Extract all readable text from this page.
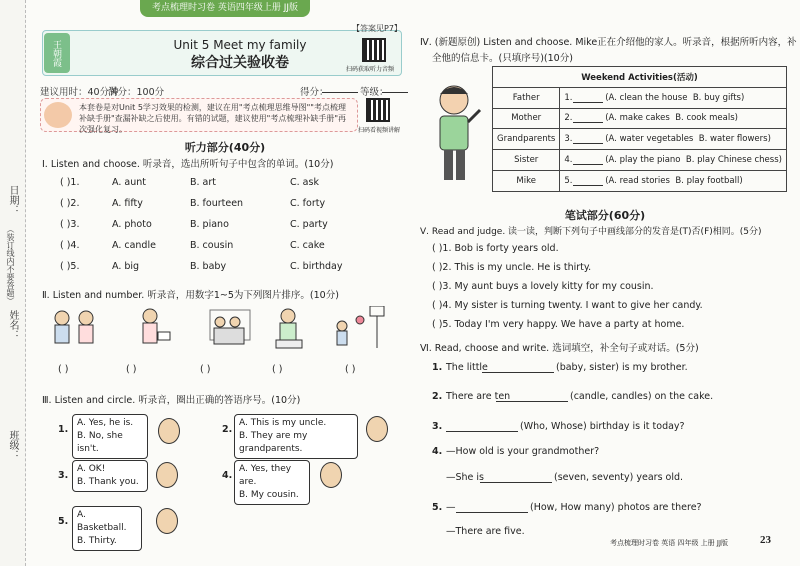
考点梳理时习卷 英语四年级上册 JJ版
日期：
（装订线内不要答题）
姓名：
班级：
王朝霞	Unit 5 Meet my family
综合过关验收卷
【答案见P7】
扫码获取听力音频
建议用时：40分钟
满分：100分	得分：	等级：
本套卷是对Unit 5学习效果的检测，建议在用"考点梳理思维导图""考点梳理补缺手册"查漏补缺之后使用。有错的试题，建议使用"考点梳理补缺手册"再次强化复习。	扫码看视频讲解
听力部分(40分)
Ⅰ. Listen and choose. 听录音，选出所听句子中包含的单词。(10分)
( )1.	A. aunt	B. art	C. ask
( )2.	A. fifty	B. fourteen	C. forty
( )3.	A. photo	B. piano	C. party
( )4.	A. candle	B. cousin	C. cake
( )5.	A. big	B. baby	C. birthday
Ⅱ. Listen and number. 听录音，用数字1~5为下列图片排序。(10分)
( )	( )	( )	( )	( )
Ⅲ. Listen and circle. 听录音，圈出正确的答语序号。(10分)
1.
A. Yes, he is.
B. No, she isn't.
2.
A. This is my uncle.
B. They are my grandparents.
3.
A. OK!
B. Thank you.
4.
A. Yes, they are.
B. My cousin.
5.
A. Basketball.
B. Thirty.
Ⅳ. (新题原创) Listen and choose. Mike正在介绍他的家人。听录音，根据所听内容，补
全他的信息卡。(只填序号)(10分)
Weekend Activities(活动)	
Father	1. (A. clean the house B. buy gifts)
Mother	2. (A. make cakes B. cook meals)
Grandparents	3. (A. water vegetables B. water flowers)
Sister	4. (A. play the piano B. play Chinese chess)
Mike	5. (A. read stories B. play football)
笔试部分(60分)
Ⅴ. Read and judge. 读一读，判断下列句子中画线部分的发音是(T)否(F)相同。(5分)
( )1. Bob is forty years old.
( )2. This is my uncle. He is thirty.
( )3. My aunt buys a lovely kitty for my cousin.
( )4. My sister is turning twenty. I want to give her candy.
( )5. Today I'm very happy. We have a party at home.
Ⅵ. Read, choose and write. 选词填空，补全句子或对话。(5分)
1. The little	(baby, sister) is my brother.
2. There are ten	(candle, candles) on the cake.
3.	(Who, Whose) birthday is it today?
4. —How old is your grandmother?
—She is	(seven, seventy) years old.
5. —	(How, How many) photos are there?
—There are five.
考点梳理时习卷 英语 四年级 上册 JJ版	23
